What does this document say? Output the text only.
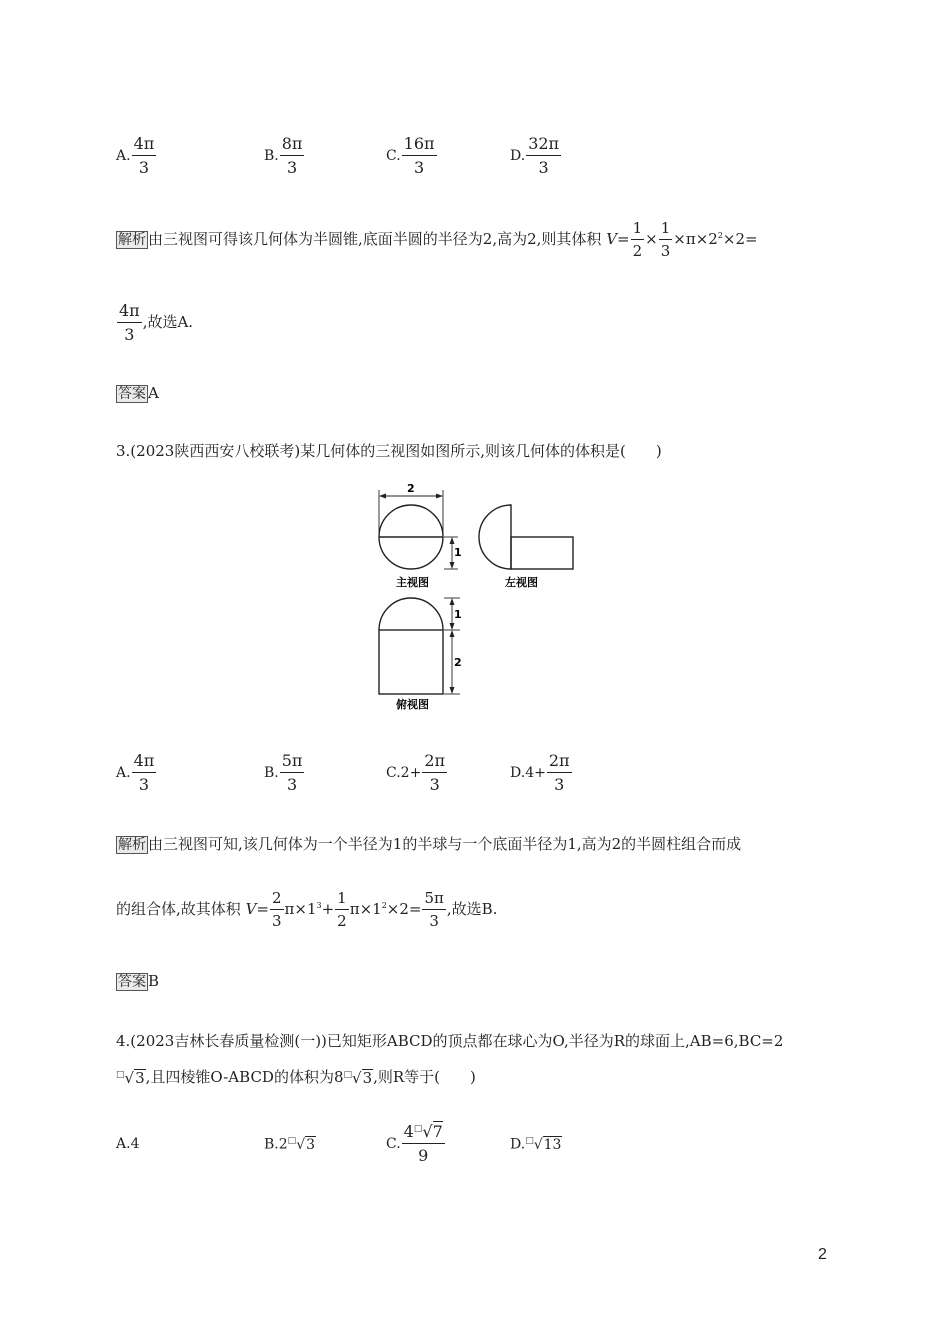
A. $\frac{4\pi}{3}$	B. $\frac{8\pi}{3}$	C. $\frac{16\pi}{3}$	D. $\frac{32\pi}{3}$
解析 由三视图可得该几何体为半圆锥,底面半圆的半径为2,高为2,则其体积 $V= \frac{1}{2} \times \frac{1}{3} \times\pi\times 2^2\times 2=$
$\frac{4\pi}{3}$ ,故选A.
答案 A
3.(2023陕西西安八校联考)某几何体的三视图如图所示,则该几何体的体积是(　　)
2
1
1
2
主视图	左视图
俯视图
A. $\frac{4\pi}{3}$	B. $\frac{5\pi}{3}$	$C.2+ \frac{2\pi}{3}$	$D.4+ \frac{2\pi}{3}$
解析 由三视图可知,该几何体为一个半径为1的半球与一个底面半径为1,高为2的半圆柱组合而成
的组合体,故其体积 $V= \frac{2}{3} \pi\times 1^3+ \frac{1}{2} \pi\times 1^2\times 2= \frac{5\pi}{3}$ ,故选B.
答案 B
4.(2023吉林长春质量检测(一))已知矩形ABCD的顶点都在球心为O,半径为R的球面上,AB=6,BC=2
□√3,且四棱锥O-ABCD的体积为8□√3,则R等于(　　)
A.4	B.2□√3	C. $\frac{4^□√7}{9}$	D.□√13
2
